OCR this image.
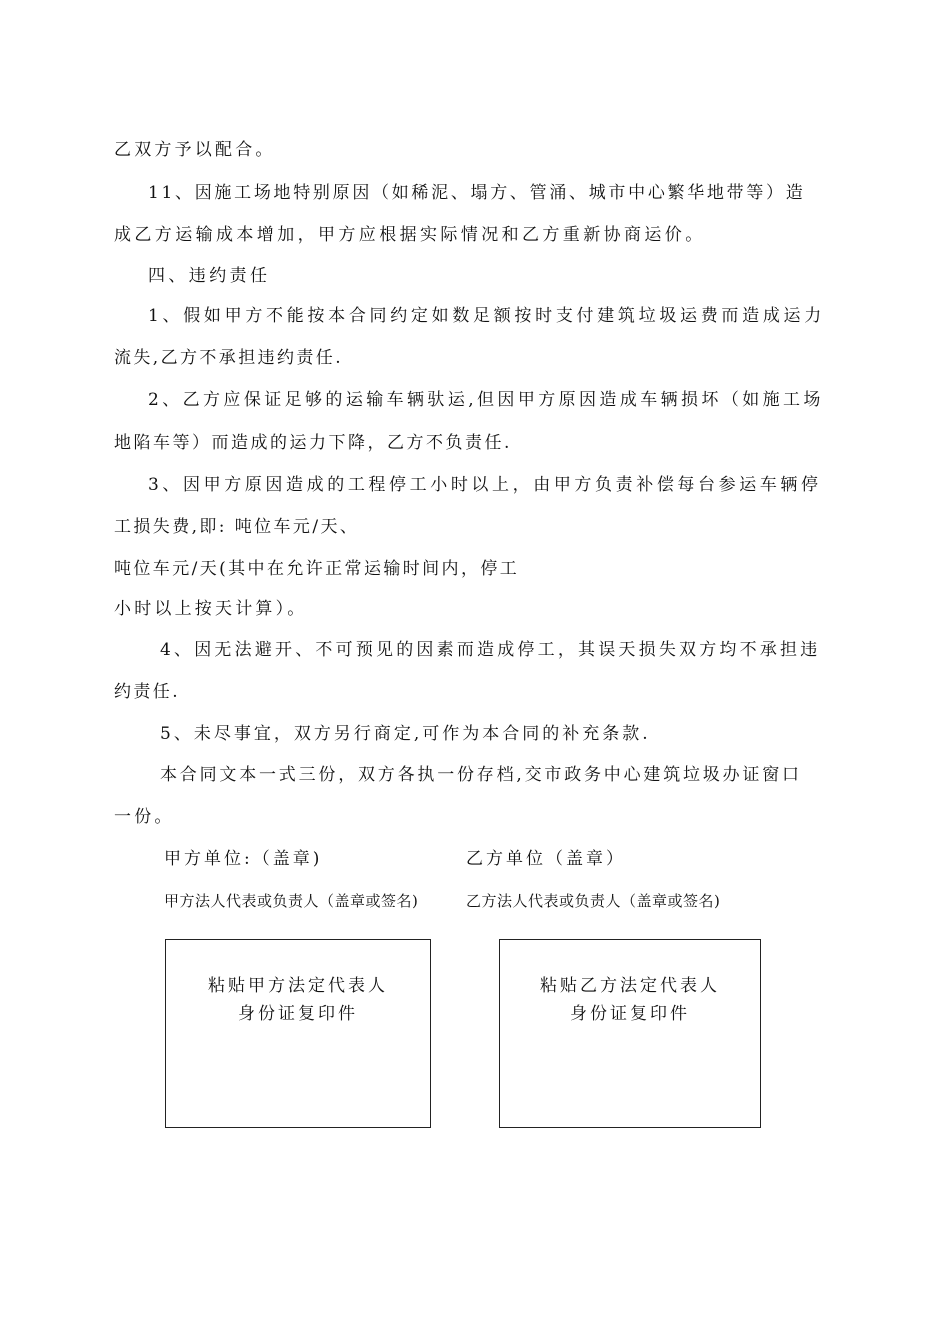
乙双方予以配合。
11、因施工场地特别原因（如稀泥、塌方、管涌、城市中心繁华地带等）造
成乙方运输成本增加，甲方应根据实际情况和乙方重新协商运价。
四、违约责任
1、假如甲方不能按本合同约定如数足额按时支付建筑垃圾运费而造成运力
流失,乙方不承担违约责任.
2、乙方应保证足够的运输车辆驮运,但因甲方原因造成车辆损坏（如施工场
地陷车等）而造成的运力下降，乙方不负责任.
3、因甲方原因造成的工程停工小时以上，由甲方负责补偿每台参运车辆停
工损失费,即: 吨位车元/天、
吨位车元/天(其中在允许正常运输时间内，停工
小时以上按天计算）。
4、因无法避开、不可预见的因素而造成停工，其误天损失双方均不承担违
约责任.
5、未尽事宜，双方另行商定,可作为本合同的补充条款.
本合同文本一式三份，双方各执一份存档,交市政务中心建筑垃圾办证窗口
一份。
甲方单位:（盖章)	乙方单位（盖章）
甲方法人代表或负责人（盖章或签名)	乙方法人代表或负责人（盖章或签名)
粘贴甲方法定代表人
身份证复印件
粘贴乙方法定代表人
身份证复印件
